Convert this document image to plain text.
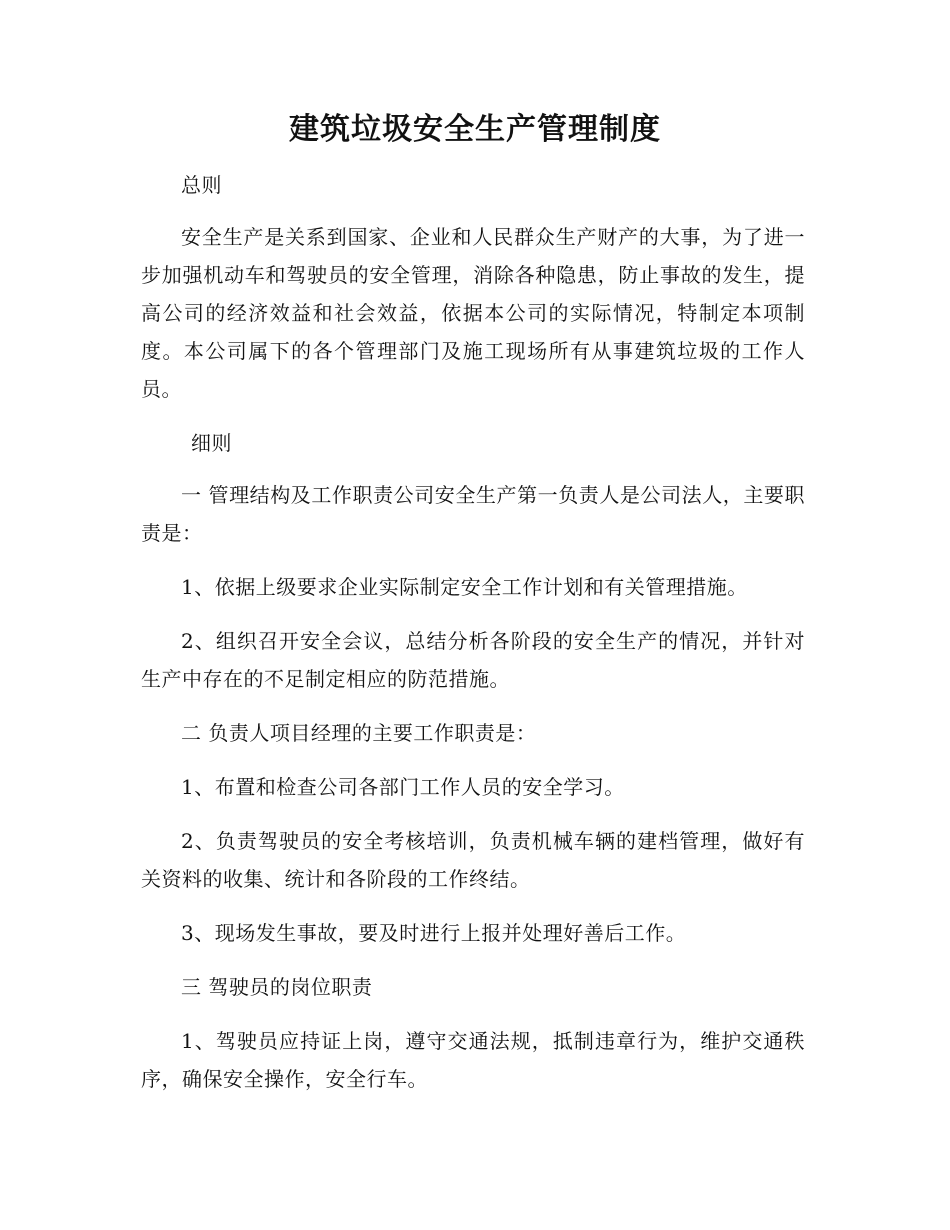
建筑垃圾安全生产管理制度

总则

安全生产是关系到国家、企业和人民群众生产财产的大事，为了进一步加强机动车和驾驶员的安全管理，消除各种隐患，防止事故的发生，提高公司的经济效益和社会效益，依据本公司的实际情况，特制定本项制度。本公司属下的各个管理部门及施工现场所有从事建筑垃圾的工作人员。

细则

一 管理结构及工作职责公司安全生产第一负责人是公司法人，主要职责是：

1、依据上级要求企业实际制定安全工作计划和有关管理措施。

2、组织召开安全会议，总结分析各阶段的安全生产的情况，并针对生产中存在的不足制定相应的防范措施。

二 负责人项目经理的主要工作职责是：

1、布置和检查公司各部门工作人员的安全学习。

2、负责驾驶员的安全考核培训，负责机械车辆的建档管理，做好有关资料的收集、统计和各阶段的工作终结。

3、现场发生事故，要及时进行上报并处理好善后工作。

三 驾驶员的岗位职责

1、驾驶员应持证上岗，遵守交通法规，抵制违章行为，维护交通秩序，确保安全操作，安全行车。
